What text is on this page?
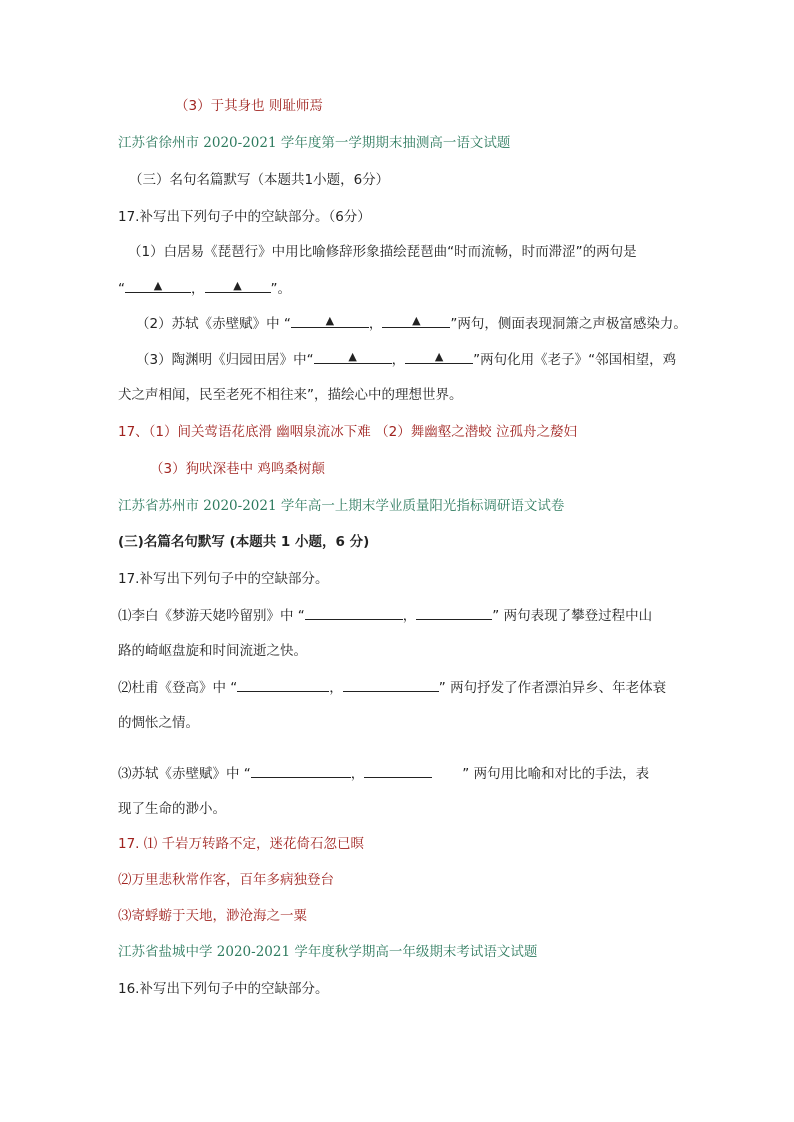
（3）于其身也 则耻师焉
江苏省徐州市 2020-2021 学年度第一学期期末抽测高一语文试题
（三）名句名篇默写（本题共1小题，6分）
17.补写出下列句子中的空缺部分。（6分）
（1）白居易《琵琶行》中用比喻修辞形象描绘琵琶曲“时而流畅，时而滞涩”的两句是
“	▲ ，	▲ ”。
（2）苏轼《赤壁赋》中 “	▲	，	▲ ”两句，侧面表现洞箫之声极富感染力。
（3）陶渊明《归园田居》中“	▲	，	▲ ”两句化用《老子》“邻国相望，鸡
犬之声相闻，民至老死不相往来”，描绘心中的理想世界。
17、（1）间关莺语花底滑 幽咽泉流冰下难 （2）舞幽壑之潜蛟 泣孤舟之嫠妇
（3）狗吠深巷中 鸡鸣桑树颠
江苏省苏州市 2020-2021 学年高一上期末学业质量阳光指标调研语文试卷
(三)名篇名句默写 (本题共 1 小题，6 分)
17.补写出下列句子中的空缺部分。
⑴李白《梦游天姥吟留别》中 “	，	” 两句表现了攀登过程中山
路的崎岖盘旋和时间流逝之快。
⑵杜甫《登高》中 “	，	” 两句抒发了作者漂泊异乡、年老体衰
的惆怅之情。
⑶苏轼《赤壁赋》中 “	，	” 两句用比喻和对比的手法，表
现了生命的渺小。
17. ⑴ 千岩万转路不定，迷花倚石忽已暝
⑵万里悲秋常作客，百年多病独登台
⑶寄蜉蝣于天地，渺沧海之一粟
江苏省盐城中学 2020-2021 学年度秋学期高一年级期末考试语文试题
16.补写出下列句子中的空缺部分。
